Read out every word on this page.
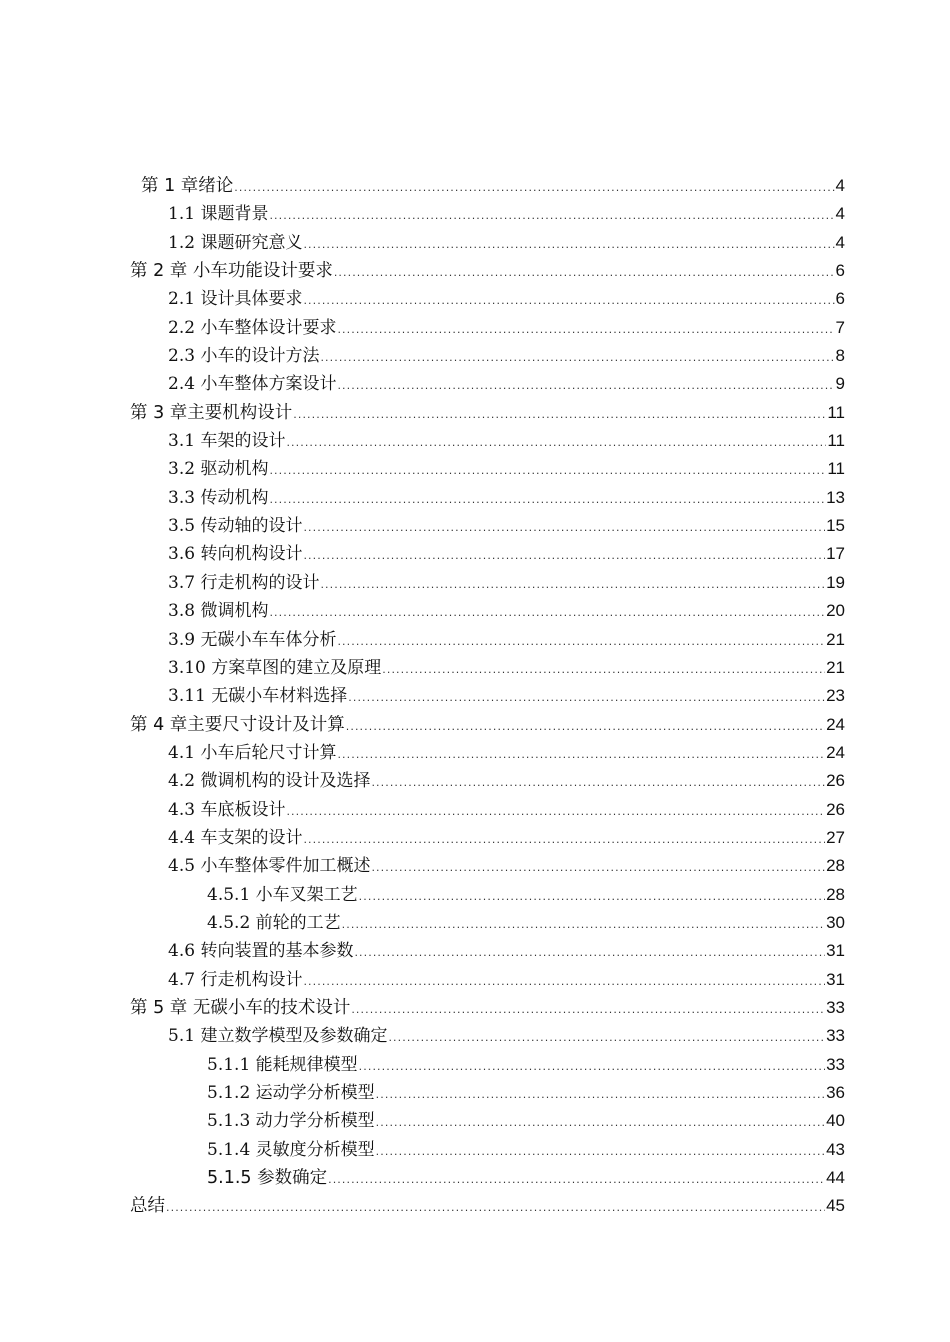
第 1 章绪论 .....	4
1.1 课题背景 .....	4
1.2 课题研究意义 .....	4
第 2 章 小车功能设计要求 .....	6
2.1 设计具体要求 .....	6
2.2 小车整体设计要求 .....	7
2.3 小车的设计方法 .....	8
2.4 小车整体方案设计 .....	9
第 3 章主要机构设计 .....	11
3.1 车架的设计 .....	11
3.2 驱动机构 .....	11
3.3 传动机构 .....	13
3.5 传动轴的设计 .....	15
3.6 转向机构设计 .....	17
3.7 行走机构的设计 .....	19
3.8 微调机构 .....	20
3.9 无碳小车车体分析 .....	21
3.10 方案草图的建立及原理 .....	21
3.11 无碳小车材料选择 .....	23
第 4 章主要尺寸设计及计算 .....	24
4.1 小车后轮尺寸计算 .....	24
4.2 微调机构的设计及选择 .....	26
4.3 车底板设计 .....	26
4.4 车支架的设计 .....	27
4.5 小车整体零件加工概述 .....	28
4.5.1 小车叉架工艺 .....	28
4.5.2 前轮的工艺 .....	30
4.6 转向装置的基本参数 .....	31
4.7 行走机构设计 .....	31
第 5 章 无碳小车的技术设计 .....	33
5.1 建立数学模型及参数确定 .....	33
5.1.1 能耗规律模型 .....	33
5.1.2 运动学分析模型 .....	36
5.1.3 动力学分析模型 .....	40
5.1.4 灵敏度分析模型 .....	43
5.1.5 参数确定 .....	44
总结 .....	45
